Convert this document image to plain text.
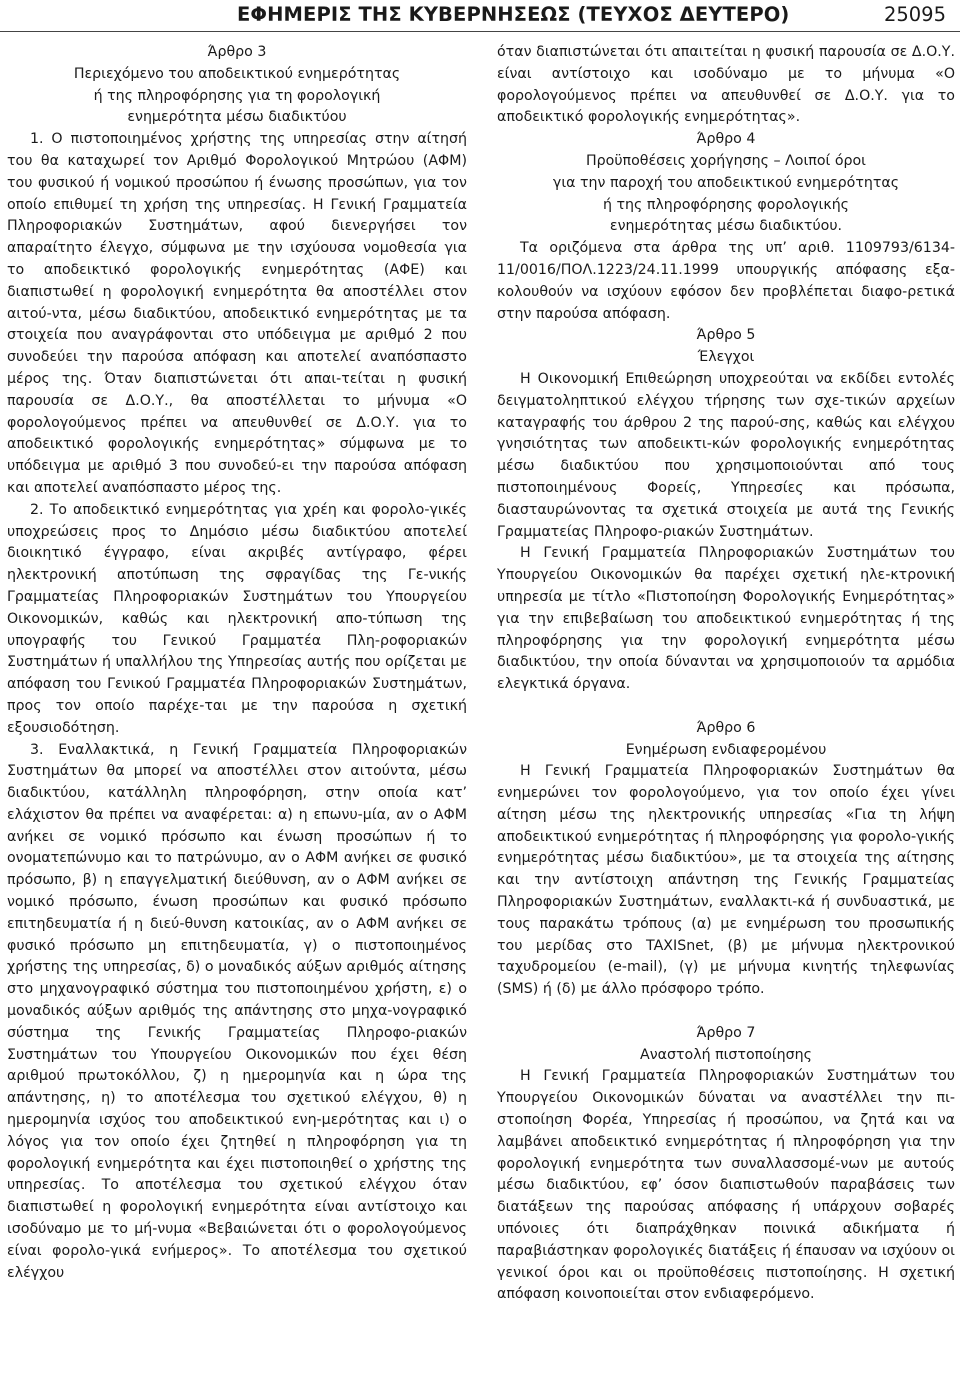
ΕΦΗΜΕΡΙΣ ΤΗΣ ΚΥΒΕΡΝΗΣΕΩΣ (ΤΕΥΧΟΣ ΔΕΥΤΕΡΟ)	25095

Άρθρο 3

Περιεχόμενο του αποδεικτικού ενημερότητας

ή της πληροφόρησης για τη φορολογική

ενημερότητα μέσω διαδικτύου

1. Ο πιστοποιημένος χρήστης της υπηρεσίας στην αίτησή του θα καταχωρεί τον Αριθμό Φορολογικού Μητρώου (ΑΦΜ) του φυσικού ή νομικού προσώπου ή ένωσης προσώπων, για τον οποίο επιθυμεί τη χρήση της υπηρεσίας. Η Γενική Γραμματεία Πληροφοριακών Συστημάτων, αφού διενεργήσει τον απαραίτητο έλεγχο, σύμφωνα με την ισχύουσα νομοθεσία για το αποδεικτικό φορολογικής ενημερότητας (ΑΦΕ) και διαπιστωθεί η φορολογική ενημερότητα θα αποστέλλει στον αιτού-ντα, μέσω διαδικτύου, αποδεικτικό ενημερότητας με τα στοιχεία που αναγράφονται στο υπόδειγμα με αριθμό 2 που συνοδεύει την παρούσα απόφαση και αποτελεί αναπόσπαστο μέρος της. Όταν διαπιστώνεται ότι απαι-τείται η φυσική παρουσία σε Δ.Ο.Υ., θα αποστέλλεται το μήνυμα «Ο φορολογούμενος πρέπει να απευθυνθεί σε Δ.Ο.Υ. για το αποδεικτικό φορολογικής ενημερότητας» σύμφωνα με το υπόδειγμα με αριθμό 3 που συνοδεύ-ει την παρούσα απόφαση και αποτελεί αναπόσπαστο μέρος της.

2. Το αποδεικτικό ενημερότητας για χρέη και φορολο-γικές υποχρεώσεις προς το Δημόσιο μέσω διαδικτύου αποτελεί διοικητικό έγγραφο, είναι ακριβές αντίγραφο, φέρει ηλεκτρονική αποτύπωση της σφραγίδας της Γε-νικής Γραμματείας Πληροφοριακών Συστημάτων του Υπουργείου Οικονομικών, καθώς και ηλεκτρονική απο-τύπωση της υπογραφής του Γενικού Γραμματέα Πλη-ροφοριακών Συστημάτων ή υπαλλήλου της Υπηρεσίας αυτής που ορίζεται με απόφαση του Γενικού Γραμματέα Πληροφοριακών Συστημάτων, προς τον οποίο παρέχε-ται με την παρούσα η σχετική εξουσιοδότηση.

3. Εναλλακτικά, η Γενική Γραμματεία Πληροφοριακών Συστημάτων θα μπορεί να αποστέλλει στον αιτούντα, μέσω διαδικτύου, κατάλληλη πληροφόρηση, στην οποία κατ’ ελάχιστον θα πρέπει να αναφέρεται: α) η επωνυ-μία, αν ο ΑΦΜ ανήκει σε νομικό πρόσωπο και ένωση προσώπων ή το ονοματεπώνυμο και το πατρώνυμο, αν ο ΑΦΜ ανήκει σε φυσικό πρόσωπο, β) η επαγγελματική διεύθυνση, αν ο ΑΦΜ ανήκει σε νομικό πρόσωπο, ένωση προσώπων και φυσικό πρόσωπο επιτηδευματία ή η διεύ-θυνση κατοικίας, αν ο ΑΦΜ ανήκει σε φυσικό πρόσωπο μη επιτηδευματία, γ) ο πιστοποιημένος χρήστης της υπηρεσίας, δ) ο μοναδικός αύξων αριθμός αίτησης στο μηχανογραφικό σύστημα του πιστοποιημένου χρήστη, ε) ο μοναδικός αύξων αριθμός της απάντησης στο μηχα-νογραφικό σύστημα της Γενικής Γραμματείας Πληροφο-ριακών Συστημάτων του Υπουργείου Οικονομικών που έχει θέση αριθμού πρωτοκόλλου, ζ) η ημερομηνία και η ώρα της απάντησης, η) το αποτέλεσμα του σχετικού ελέγχου, θ) η ημερομηνία ισχύος του αποδεικτικού ενη-μερότητας και ι) ο λόγος για τον οποίο έχει ζητηθεί η πληροφόρηση για τη φορολογική ενημερότητα και έχει πιστοποιηθεί ο χρήστης της υπηρεσίας. Το αποτέλεσμα του σχετικού ελέγχου όταν διαπιστωθεί η φορολογική ενημερότητα είναι αντίστοιχο και ισοδύναμο με το μή-νυμα «Βεβαιώνεται ότι ο φορολογούμενος είναι φορολο-γικά ενήμερος». Το αποτέλεσμα του σχετικού ελέγχου

όταν διαπιστώνεται ότι απαιτείται η φυσική παρουσία σε Δ.Ο.Υ. είναι αντίστοιχο και ισοδύναμο με το μήνυμα «Ο φορολογούμενος πρέπει να απευθυνθεί σε Δ.Ο.Υ. για το αποδεικτικό φορολογικής ενημερότητας».

Άρθρο 4

Προϋποθέσεις χορήγησης – Λοιποί όροι

για την παροχή του αποδεικτικού ενημερότητας

ή της πληροφόρησης φορολογικής

ενημερότητας μέσω διαδικτύου.

Τα οριζόμενα στα άρθρα της υπ’ αριθ. 1109793/6134-11/0016/ΠΟΛ.1223/24.11.1999 υπουργικής απόφασης εξα-κολουθούν να ισχύουν εφόσον δεν προβλέπεται διαφο-ρετικά στην παρούσα απόφαση.

Άρθρο 5

Έλεγχοι

Η Οικονομική Επιθεώρηση υποχρεούται να εκδίδει εντολές δειγματοληπτικού ελέγχου τήρησης των σχε-τικών αρχείων καταγραφής του άρθρου 2 της παρού-σης, καθώς και ελέγχου γνησιότητας των αποδεικτι-κών φορολογικής ενημερότητας μέσω διαδικτύου που χρησιμοποιούνται από τους πιστοποιημένους Φορείς, Υπηρεσίες και πρόσωπα, διασταυρώνοντας τα σχετικά στοιχεία με αυτά της Γενικής Γραμματείας Πληροφο-ριακών Συστημάτων.

Η Γενική Γραμματεία Πληροφοριακών Συστημάτων του Υπουργείου Οικονομικών θα παρέχει σχετική ηλε-κτρονική υπηρεσία με τίτλο «Πιστοποίηση Φορολογικής Ενημερότητας» για την επιβεβαίωση του αποδεικτικού ενημερότητας ή της πληροφόρησης για την φορολογική ενημερότητα μέσω διαδικτύου, την οποία δύνανται να χρησιμοποιούν τα αρμόδια ελεγκτικά όργανα.

Άρθρο 6

Ενημέρωση ενδιαφερομένου

Η Γενική Γραμματεία Πληροφοριακών Συστημάτων θα ενημερώνει τον φορολογούμενο, για τον οποίο έχει γίνει αίτηση μέσω της ηλεκτρονικής υπηρεσίας «Για τη λήψη αποδεικτικού ενημερότητας ή πληροφόρησης για φορολο-γικής ενημερότητας μέσω διαδικτύου», με τα στοιχεία της αίτησης και την αντίστοιχη απάντηση της Γενικής Γραμματείας Πληροφοριακών Συστημάτων, εναλλακτι-κά ή συνδυαστικά, με τους παρακάτω τρόπους (α) με ενημέρωση του προσωπικής του μερίδας στο TAXISnet, (β) με μήνυμα ηλεκτρονικού ταχυδρομείου (e-mail), (γ) με μήνυμα κινητής τηλεφωνίας (SMS) ή (δ) με άλλο πρόσφορο τρόπο.

Άρθρο 7

Αναστολή πιστοποίησης

Η Γενική Γραμματεία Πληροφοριακών Συστημάτων του Υπουργείου Οικονομικών δύναται να αναστέλλει την πι-στοποίηση Φορέα, Υπηρεσίας ή προσώπου, να ζητά και να λαμβάνει αποδεικτικό ενημερότητας ή πληροφόρηση για την φορολογική ενημερότητα των συναλλασσομέ-νων με αυτούς μέσω διαδικτύου, εφ’ όσον διαπιστωθούν παραβάσεις των διατάξεων της παρούσας απόφασης ή υπάρχουν σοβαρές υπόνοιες ότι διαπράχθηκαν ποινικά αδικήματα ή παραβιάστηκαν φορολογικές διατάξεις ή έπαυσαν να ισχύουν οι γενικοί όροι και οι προϋποθέσεις πιστοποίησης. Η σχετική απόφαση κοινοποιείται στον ενδιαφερόμενο.
